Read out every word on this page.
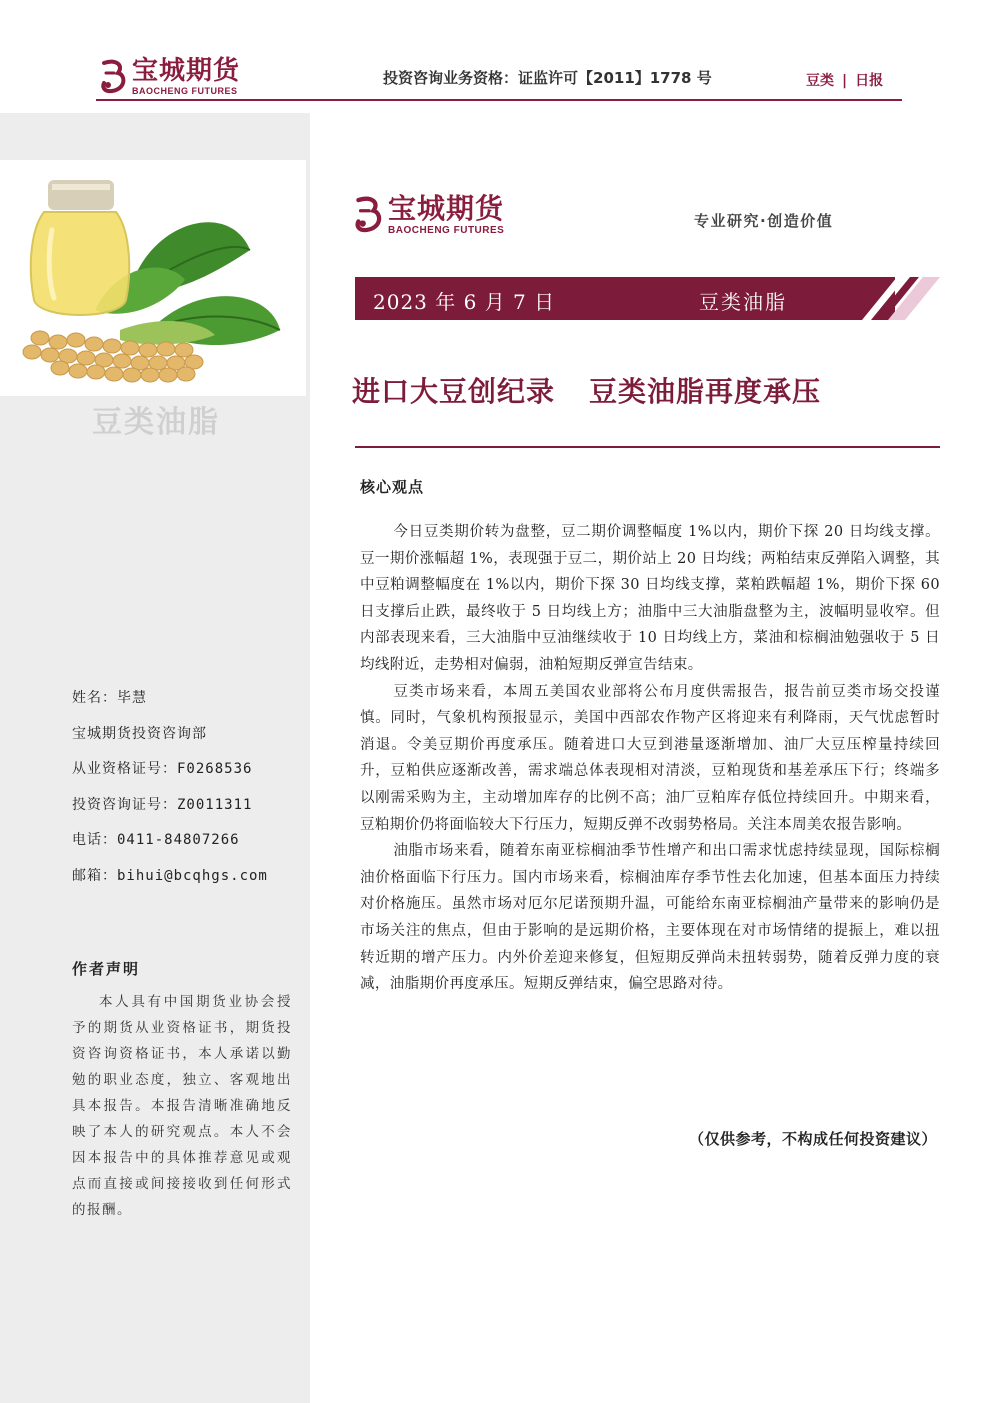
宝城期货
BAOCHENG FUTURES
投资咨询业务资格：证监许可【2011】1778 号	豆类 | 日报
豆类油脂
姓名：毕慧
宝城期货投资咨询部
从业资格证号：F0268536
投资咨询证号：Z0011311
电话：0411-84807266
邮箱：bihui@bcqhgs.com
作者声明
本人具有中国期货业协会授予的期货从业资格证书，期货投资咨询资格证书，本人承诺以勤勉的职业态度，独立、客观地出具本报告。本报告清晰准确地反映了本人的研究观点。本人不会因本报告中的具体推荐意见或观点而直接或间接接收到任何形式的报酬。
宝城期货
BAOCHENG FUTURES
专业研究·创造价值
2023 年 6 月 7 日	豆类油脂
进口大豆创纪录 豆类油脂再度承压
核心观点

今日豆类期价转为盘整，豆二期价调整幅度 1%以内，期价下探 20 日均线支撑。豆一期价涨幅超 1%，表现强于豆二，期价站上 20 日均线；两粕结束反弹陷入调整，其中豆粕调整幅度在 1%以内，期价下探 30 日均线支撑，菜粕跌幅超 1%，期价下探 60 日支撑后止跌，最终收于 5 日均线上方；油脂中三大油脂盘整为主，波幅明显收窄。但内部表现来看，三大油脂中豆油继续收于 10 日均线上方，菜油和棕榈油勉强收于 5 日均线附近，走势相对偏弱，油粕短期反弹宣告结束。

豆类市场来看，本周五美国农业部将公布月度供需报告，报告前豆类市场交投谨慎。同时，气象机构预报显示，美国中西部农作物产区将迎来有利降雨，天气忧虑暂时消退。令美豆期价再度承压。随着进口大豆到港量逐渐增加、油厂大豆压榨量持续回升，豆粕供应逐渐改善，需求端总体表现相对清淡，豆粕现货和基差承压下行；终端多以刚需采购为主，主动增加库存的比例不高；油厂豆粕库存低位持续回升。中期来看，豆粕期价仍将面临较大下行压力，短期反弹不改弱势格局。关注本周美农报告影响。

油脂市场来看，随着东南亚棕榈油季节性增产和出口需求忧虑持续显现，国际棕榈油价格面临下行压力。国内市场来看，棕榈油库存季节性去化加速，但基本面压力持续对价格施压。虽然市场对厄尔尼诺预期升温，可能给东南亚棕榈油产量带来的影响仍是市场关注的焦点，但由于影响的是远期价格，主要体现在对市场情绪的提振上，难以扭转近期的增产压力。内外价差迎来修复，但短期反弹尚未扭转弱势，随着反弹力度的衰减，油脂期价再度承压。短期反弹结束，偏空思路对待。

（仅供参考，不构成任何投资建议）
